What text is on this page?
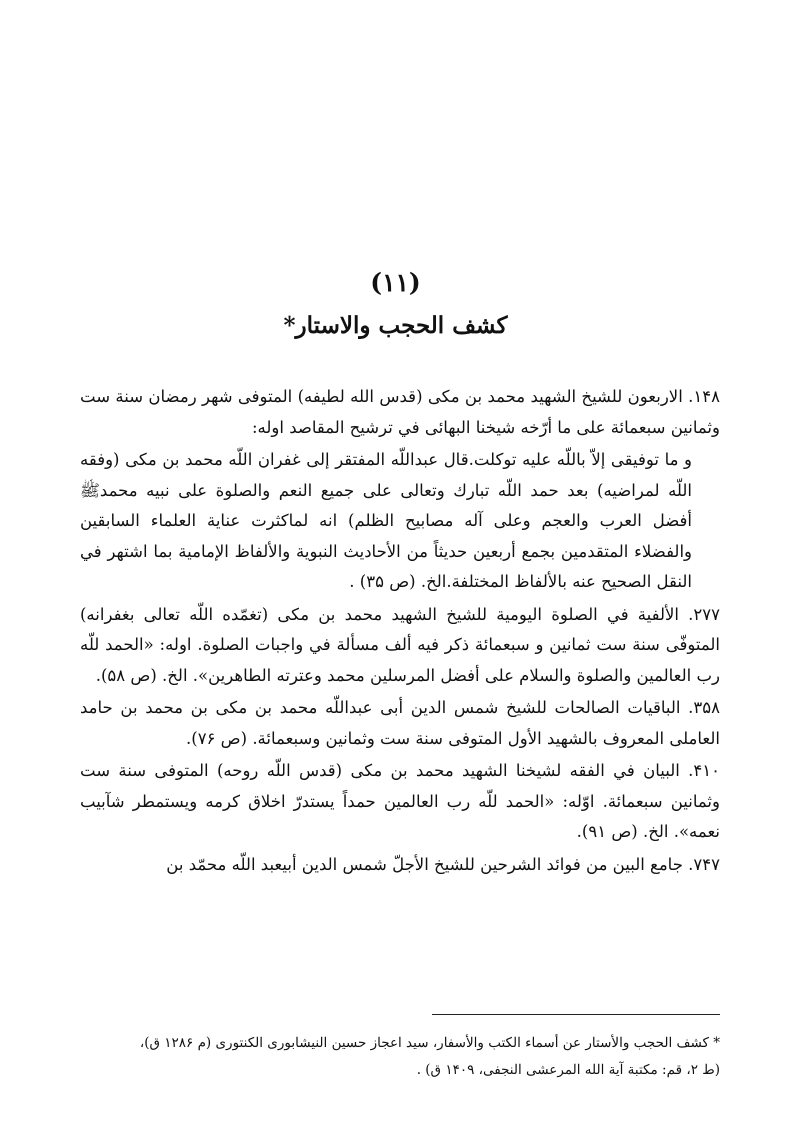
(۱۱)
كشف الحجب والاستار*

۱۴۸. الاربعون للشيخ الشهيد محمد بن مكى (قدس الله لطيفه) المتوفى شهر رمضان سنة ست وثمانين سبعمائة على ما أرّخه شيخنا البهائى في ترشيح المقاصد اوله:

و ما توفيقى إلاّ باللّه عليه توكلت.قال عبداللّه المفتقر إلى غفران اللّه محمد بن مكى (وفقه اللّه لمراضيه) بعد حمد اللّه تبارك وتعالى على جميع النعم والصلوة على نبيه محمدﷺ أفضل العرب والعجم وعلى آله مصابيح الظلم) انه لماكثرت عناية العلماء السابقين والفضلاء المتقدمين بجمع أربعين حديثاً من الأحاديث النبوية والألفاظ الإمامية بما اشتهر في النقل الصحيح عنه بالألفاظ المختلفة.الخ. (ص ۳۵) .

۲۷۷. الألفية في الصلوة اليومية للشيخ الشهيد محمد بن مكى (تغمّده اللّه تعالى بغفرانه) المتوفّى سنة ست ثمانين و سبعمائة ذكر فيه ألف مسألة في واجبات الصلوة. اوله: «الحمد للّه رب العالمين والصلوة والسلام على أفضل المرسلين محمد وعترته الطاهرين». الخ. (ص ۵۸).

۳۵۸. الباقيات الصالحات للشيخ شمس الدين أبى عبداللّه محمد بن مكى بن محمد بن حامد العاملى المعروف بالشهيد الأول المتوفى سنة ست وثمانين وسبعمائة. (ص ۷۶).

۴۱۰. البيان في الفقه لشيخنا الشهيد محمد بن مكى (قدس اللّه روحه) المتوفى سنة ست وثمانين سبعمائة. اوّله: «الحمد للّه رب العالمين حمداً يستدرّ اخلاق كرمه ويستمطر شآبيب نعمه». الخ. (ص ۹۱).

۷۴۷. جامع البين من فوائد الشرحين للشيخ الأجلّ شمس الدين أبيعبد اللّه محمّد بن

* كشف الحجب والأستار عن أسماء الكتب والأسفار، سيد اعجاز حسين النيشابورى الكنتورى (م ۱۲۸۶ ق)،
(ط ۲، قم: مكتبة آية الله المرعشى النجفى، ۱۴۰۹ ق) .
